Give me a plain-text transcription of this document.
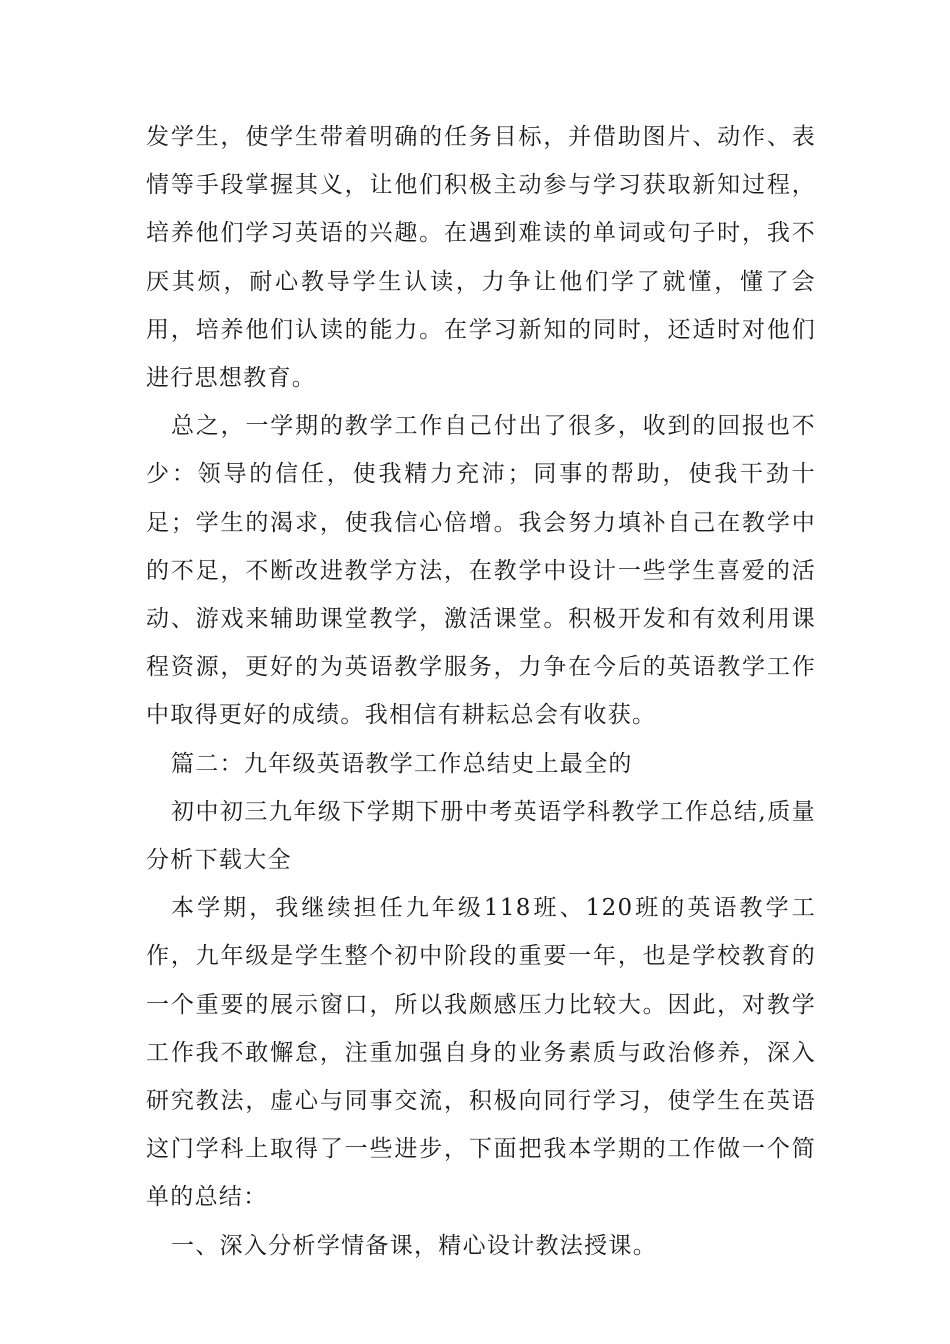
发学生，使学生带着明确的任务目标，并借助图片、动作、表情等手段掌握其义，让他们积极主动参与学习获取新知过程，培养他们学习英语的兴趣。在遇到难读的单词或句子时，我不厌其烦，耐心教导学生认读，力争让他们学了就懂，懂了会用，培养他们认读的能力。在学习新知的同时，还适时对他们进行思想教育。

总之，一学期的教学工作自己付出了很多，收到的回报也不少：领导的信任，使我精力充沛；同事的帮助，使我干劲十足；学生的渴求，使我信心倍增。我会努力填补自己在教学中的不足，不断改进教学方法，在教学中设计一些学生喜爱的活动、游戏来辅助课堂教学，激活课堂。积极开发和有效利用课程资源，更好的为英语教学服务，力争在今后的英语教学工作中取得更好的成绩。我相信有耕耘总会有收获。

篇二：九年级英语教学工作总结史上最全的

初中初三九年级下学期下册中考英语学科教学工作总结,质量分析下载大全

本学期，我继续担任九年级118班、120班的英语教学工作，九年级是学生整个初中阶段的重要一年，也是学校教育的一个重要的展示窗口，所以我颇感压力比较大。因此，对教学工作我不敢懈怠，注重加强自身的业务素质与政治修养，深入研究教法，虚心与同事交流，积极向同行学习，使学生在英语这门学科上取得了一些进步，下面把我本学期的工作做一个简单的总结：

一、深入分析学情备课，精心设计教法授课。
